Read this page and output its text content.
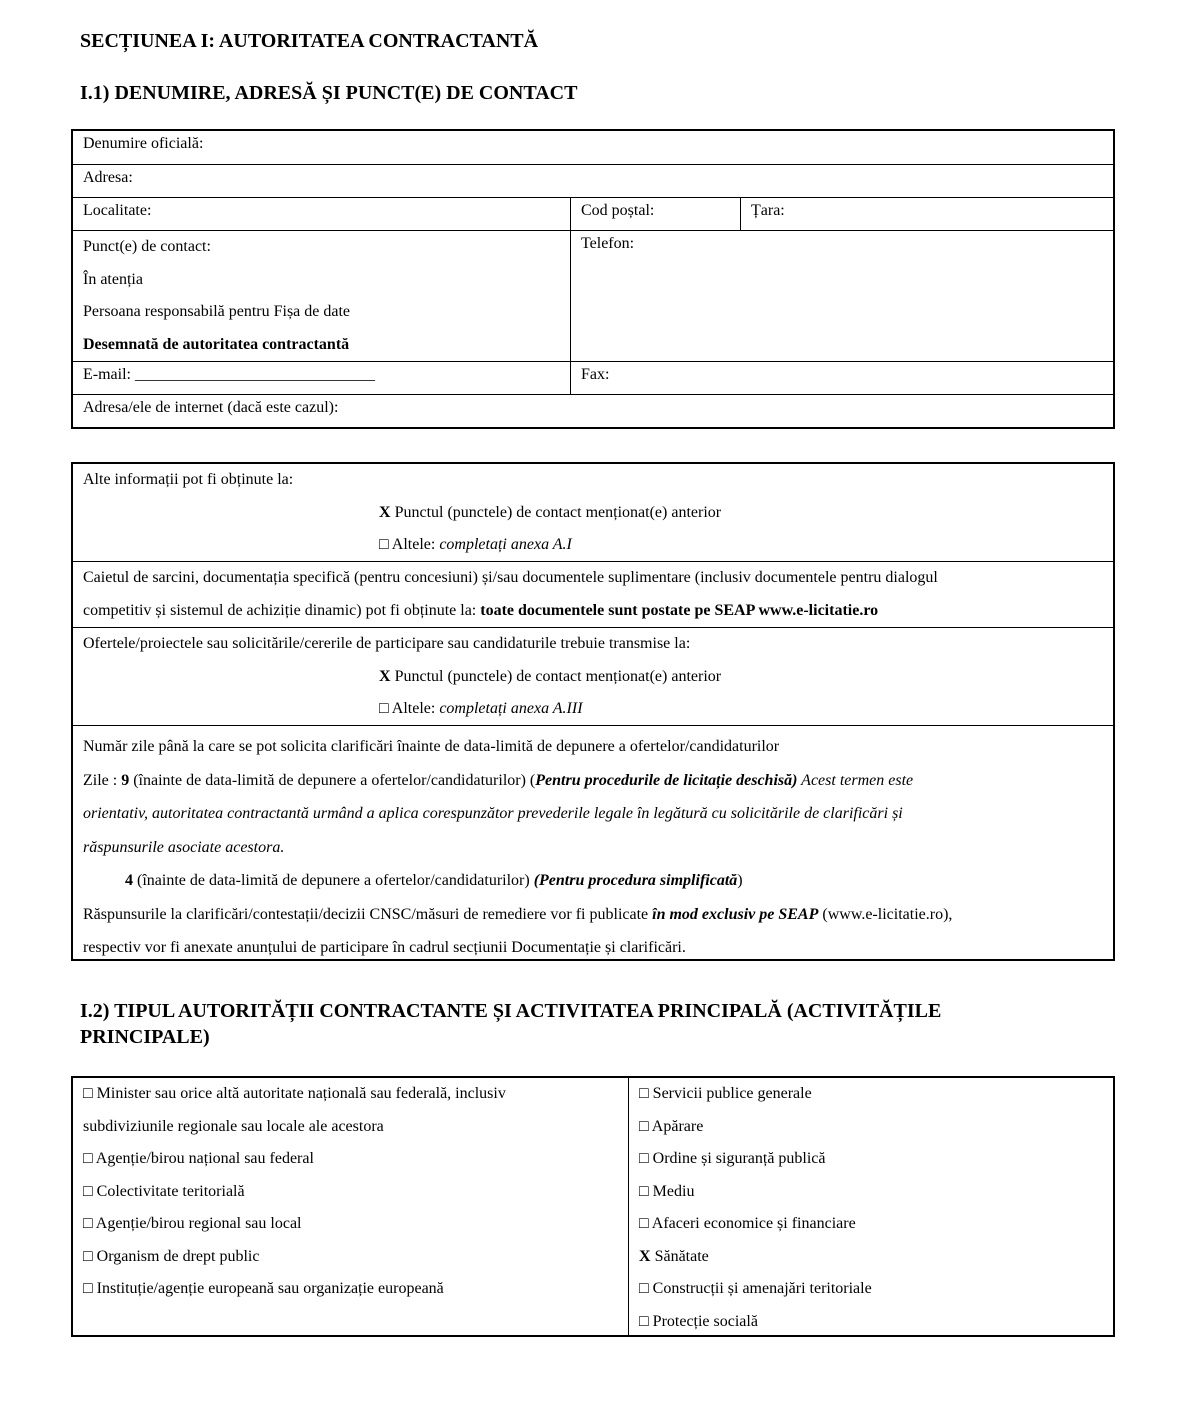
SECȚIUNEA I: AUTORITATEA CONTRACTANTĂ
I.1) DENUMIRE, ADRESĂ ȘI PUNCT(E) DE CONTACT
Denumire oficială:
Adresa:
Localitate:	Cod poștal:	Țara:
Punct(e) de contact:
În atenția
Persoana responsabilă pentru Fișa de date
Desemnată de autoritatea contractantă
Telefon:
E-mail: ______________________________	Fax:
Adresa/ele de internet (dacă este cazul):
Alte informații pot fi obținute la:
X Punctul (punctele) de contact menționat(e) anterior
□ Altele: completați anexa A.I
Caietul de sarcini, documentația specifică (pentru concesiuni) și/sau documentele suplimentare (inclusiv documentele pentru dialogul
competitiv și sistemul de achiziție dinamic) pot fi obținute la: toate documentele sunt postate pe SEAP www.e-licitatie.ro
Ofertele/proiectele sau solicitările/cererile de participare sau candidaturile trebuie transmise la:
X Punctul (punctele) de contact menționat(e) anterior
□ Altele: completați anexa A.III
Număr zile până la care se pot solicita clarificări înainte de data-limită de depunere a ofertelor/candidaturilor
Zile : 9 (înainte de data-limită de depunere a ofertelor/candidaturilor) (Pentru procedurile de licitație deschisă) Acest termen este
orientativ, autoritatea contractantă urmând a aplica corespunzător prevederile legale în legătură cu solicitările de clarificări și
răspunsurile asociate acestora.
4 (înainte de data-limită de depunere a ofertelor/candidaturilor) (Pentru procedura simplificată)
Răspunsurile la clarificări/contestații/decizii CNSC/măsuri de remediere vor fi publicate în mod exclusiv pe SEAP (www.e-licitatie.ro),
respectiv vor fi anexate anunțului de participare în cadrul secțiunii Documentație și clarificări.
I.2) TIPUL AUTORITĂȚII CONTRACTANTE ȘI ACTIVITATEA PRINCIPALĂ (ACTIVITĂȚILE
PRINCIPALE)
□ Minister sau orice altă autoritate națională sau federală, inclusiv
subdiviziunile regionale sau locale ale acestora
□ Agenție/birou național sau federal
□ Colectivitate teritorială
□ Agenție/birou regional sau local
□ Organism de drept public
□ Instituție/agenție europeană sau organizație europeană
□ Servicii publice generale
□ Apărare
□ Ordine și siguranță publică
□ Mediu
□ Afaceri economice și financiare
X Sănătate
□ Construcții și amenajări teritoriale
□ Protecție socială
